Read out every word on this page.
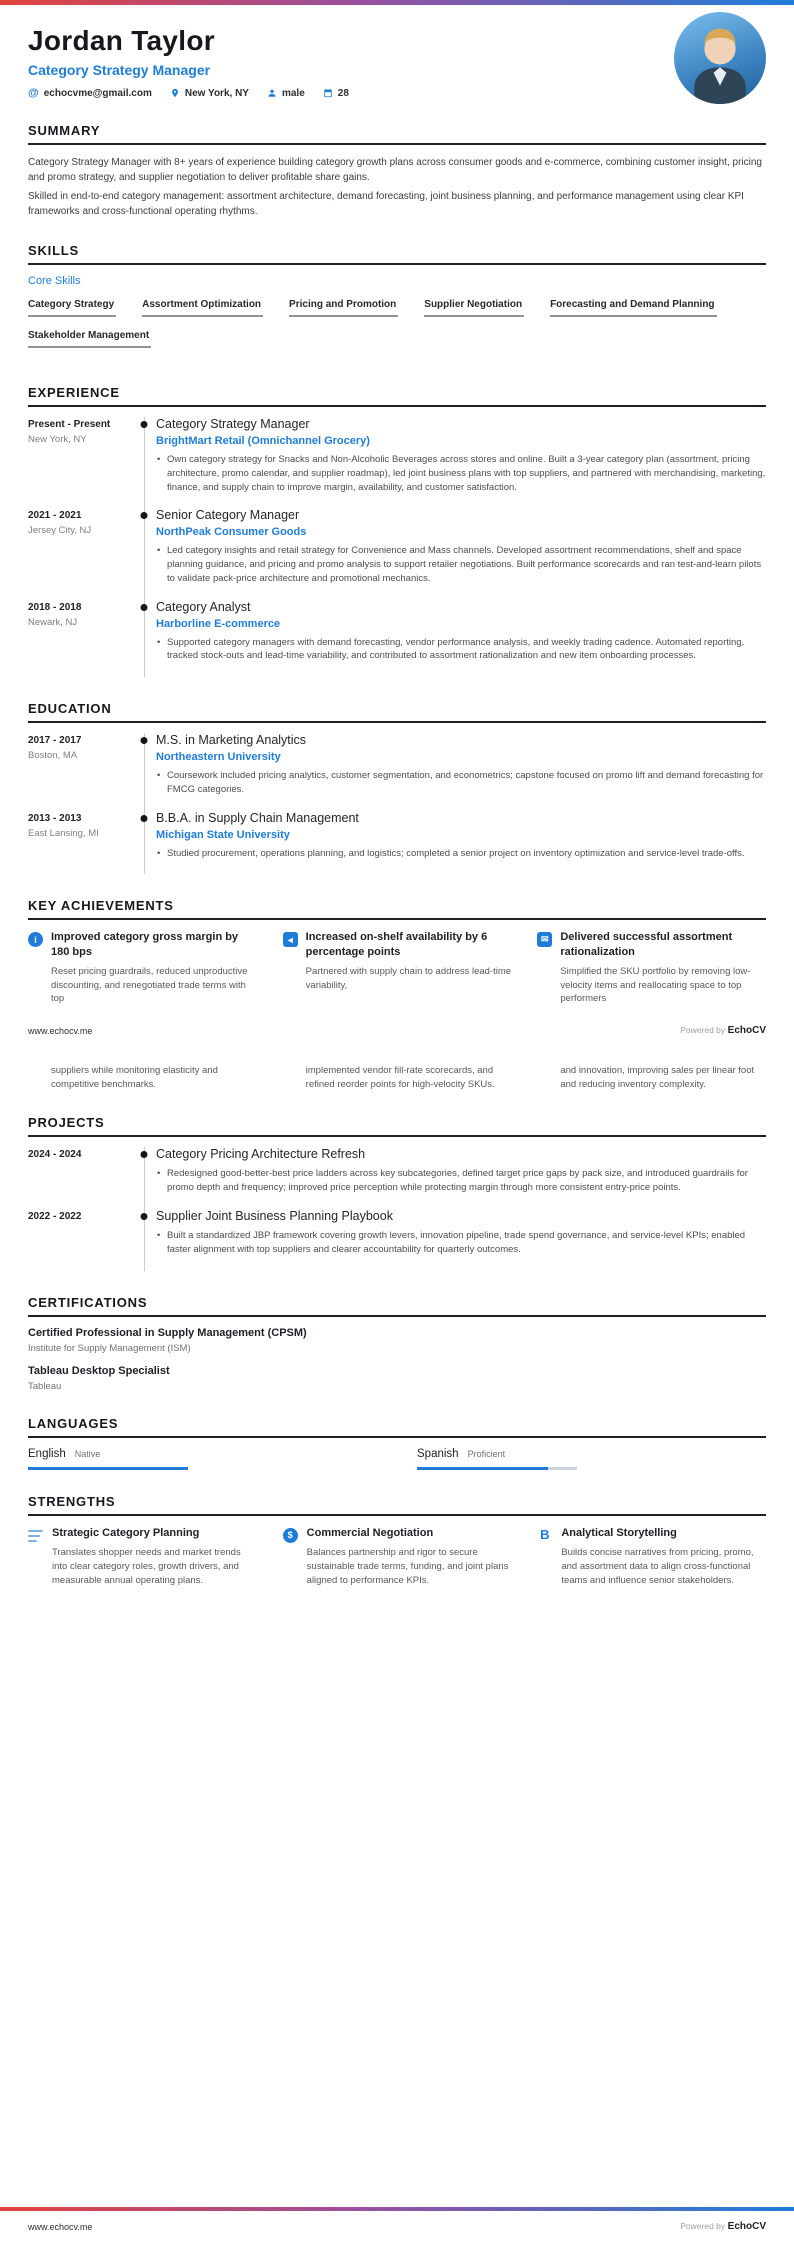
Jordan Taylor
Category Strategy Manager
@ echocvme@gmail.com	New York, NY	male	28
SUMMARY

Category Strategy Manager with 8+ years of experience building category growth plans across consumer goods and e-commerce, combining customer insight, pricing and promo strategy, and supplier negotiation to deliver profitable share gains.

Skilled in end-to-end category management: assortment architecture, demand forecasting, joint business planning, and performance management using clear KPI frameworks and cross-functional operating rhythms.

SKILLS
Core Skills
Category Strategy	Assortment Optimization	Pricing and Promotion	Supplier Negotiation	Forecasting and Demand Planning
Stakeholder Management
EXPERIENCE
Present - Present
New York, NY
Category Strategy Manager
BrightMart Retail (Omnichannel Grocery)
• Own category strategy for Snacks and Non-Alcoholic Beverages across stores and online. Built a 3-year category plan (assortment, pricing architecture, promo calendar, and supplier roadmap), led joint business plans with top suppliers, and partnered with merchandising, marketing, finance, and supply chain to improve margin, availability, and customer satisfaction.
2021 - 2021
Jersey City, NJ
Senior Category Manager
NorthPeak Consumer Goods
• Led category insights and retail strategy for Convenience and Mass channels. Developed assortment recommendations, shelf and space planning guidance, and pricing and promo analysis to support retailer negotiations. Built performance scorecards and ran test-and-learn pilots to validate pack-price architecture and promotional mechanics.
2018 - 2018
Newark, NJ
Category Analyst
Harborline E-commerce
• Supported category managers with demand forecasting, vendor performance analysis, and weekly trading cadence. Automated reporting, tracked stock-outs and lead-time variability, and contributed to assortment rationalization and new item onboarding processes.
EDUCATION
2017 - 2017
Boston, MA
M.S. in Marketing Analytics
Northeastern University
• Coursework included pricing analytics, customer segmentation, and econometrics; capstone focused on promo lift and demand forecasting for FMCG categories.
2013 - 2013
East Lansing, MI
B.B.A. in Supply Chain Management
Michigan State University
• Studied procurement, operations planning, and logistics; completed a senior project on inventory optimization and service-level trade-offs.
KEY ACHIEVEMENTS
i	Improved category gross margin by 180 bps
Reset pricing guardrails, reduced unproductive discounting, and renegotiated trade terms with top
◄ Increased on-shelf availability by 6 percentage points
Partnered with supply chain to address lead-time variability,
✉	Delivered successful assortment rationalization
Simplified the SKU portfolio by removing low-velocity items and reallocating space to top performers
www.echocv.me	Powered by EchoCV
suppliers while monitoring elasticity and competitive benchmarks.
implemented vendor fill-rate scorecards, and refined reorder points for high-velocity SKUs.
and innovation, improving sales per linear foot and reducing inventory complexity.
PROJECTS
2024 - 2024	Category Pricing Architecture Refresh
• Redesigned good-better-best price ladders across key subcategories, defined target price gaps by pack size, and introduced guardrails for promo depth and frequency; improved price perception while protecting margin through more consistent entry-price points.
2022 - 2022	Supplier Joint Business Planning Playbook
• Built a standardized JBP framework covering growth levers, innovation pipeline, trade spend governance, and service-level KPIs; enabled faster alignment with top suppliers and clearer accountability for quarterly outcomes.
CERTIFICATIONS
Certified Professional in Supply Management (CPSM)
Institute for Supply Management (ISM)
Tableau Desktop Specialist
Tableau
LANGUAGES
English Native	Spanish Proficient
STRENGTHS
Strategic Category Planning
Translates shopper needs and market trends into clear category roles, growth drivers, and measurable annual operating plans.
$	Commercial Negotiation
Balances partnership and rigor to secure sustainable trade terms, funding, and joint plans aligned to performance KPIs.
B Analytical Storytelling
Builds concise narratives from pricing, promo, and assortment data to align cross-functional teams and influence senior stakeholders.
www.echocv.me	Powered by EchoCV
